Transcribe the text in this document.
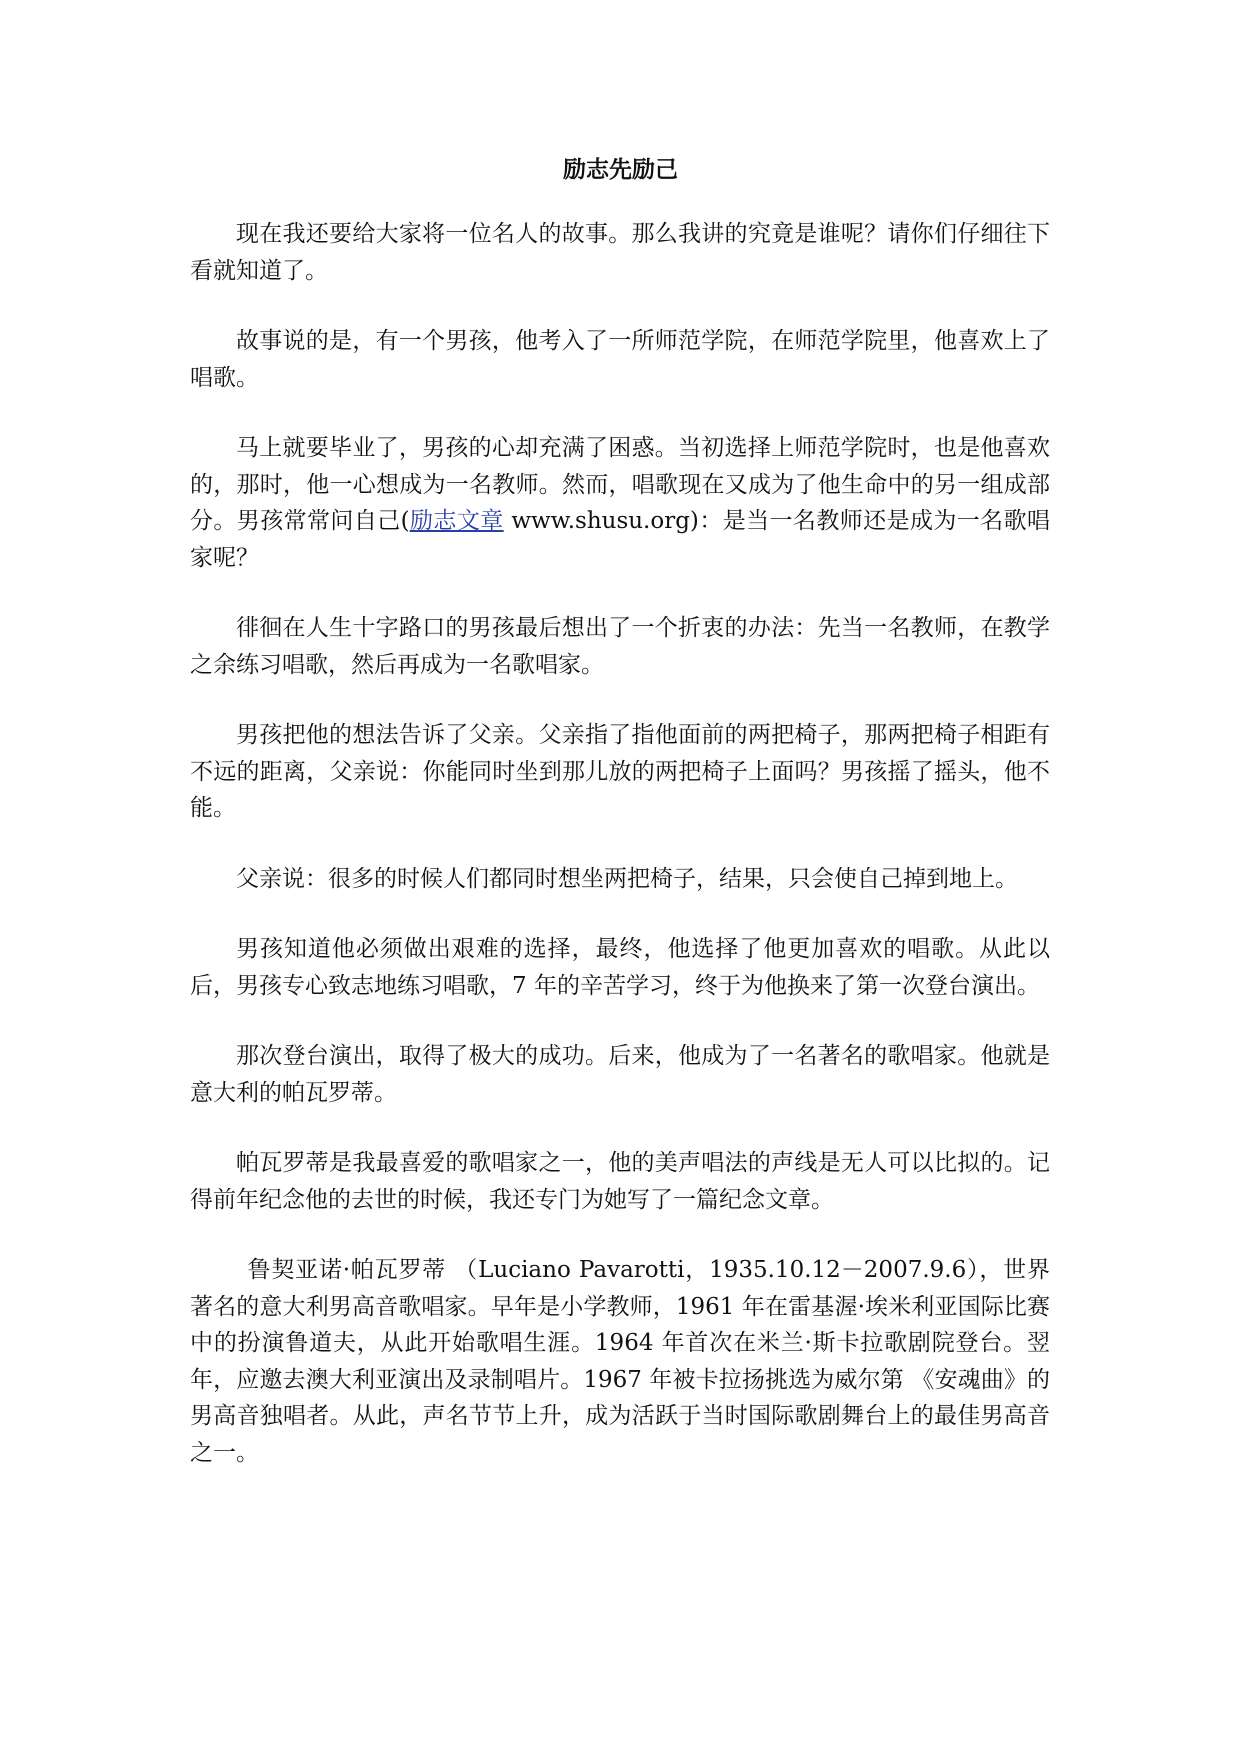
励志先励己

现在我还要给大家将一位名人的故事。那么我讲的究竟是谁呢？请你们仔细往下看就知道了。

故事说的是，有一个男孩，他考入了一所师范学院，在师范学院里，他喜欢上了唱歌。

马上就要毕业了，男孩的心却充满了困惑。当初选择上师范学院时，也是他喜欢的，那时，他一心想成为一名教师。然而，唱歌现在又成为了他生命中的另一组成部分。男孩常常问自己(励志文章 www.shusu.org)：是当一名教师还是成为一名歌唱家呢？

徘徊在人生十字路口的男孩最后想出了一个折衷的办法：先当一名教师，在教学之余练习唱歌，然后再成为一名歌唱家。

男孩把他的想法告诉了父亲。父亲指了指他面前的两把椅子，那两把椅子相距有不远的距离，父亲说：你能同时坐到那儿放的两把椅子上面吗？男孩摇了摇头，他不能。

父亲说：很多的时候人们都同时想坐两把椅子，结果，只会使自己掉到地上。

男孩知道他必须做出艰难的选择，最终，他选择了他更加喜欢的唱歌。从此以后，男孩专心致志地练习唱歌，7 年的辛苦学习，终于为他换来了第一次登台演出。

那次登台演出，取得了极大的成功。后来，他成为了一名著名的歌唱家。他就是意大利的帕瓦罗蒂。

帕瓦罗蒂是我最喜爱的歌唱家之一，他的美声唱法的声线是无人可以比拟的。记得前年纪念他的去世的时候，我还专门为她写了一篇纪念文章。

鲁契亚诺·帕瓦罗蒂 （Luciano Pavarotti，1935.10.12－2007.9.6），世界著名的意大利男高音歌唱家。早年是小学教师，1961 年在雷基渥·埃米利亚国际比赛 中的扮演鲁道夫，从此开始歌唱生涯。1964 年首次在米兰·斯卡拉歌剧院登台。翌年，应邀去澳大利亚演出及录制唱片。1967 年被卡拉扬挑选为威尔第 《安魂曲》的男高音独唱者。从此，声名节节上升，成为活跃于当时国际歌剧舞台上的最佳男高音之一。
